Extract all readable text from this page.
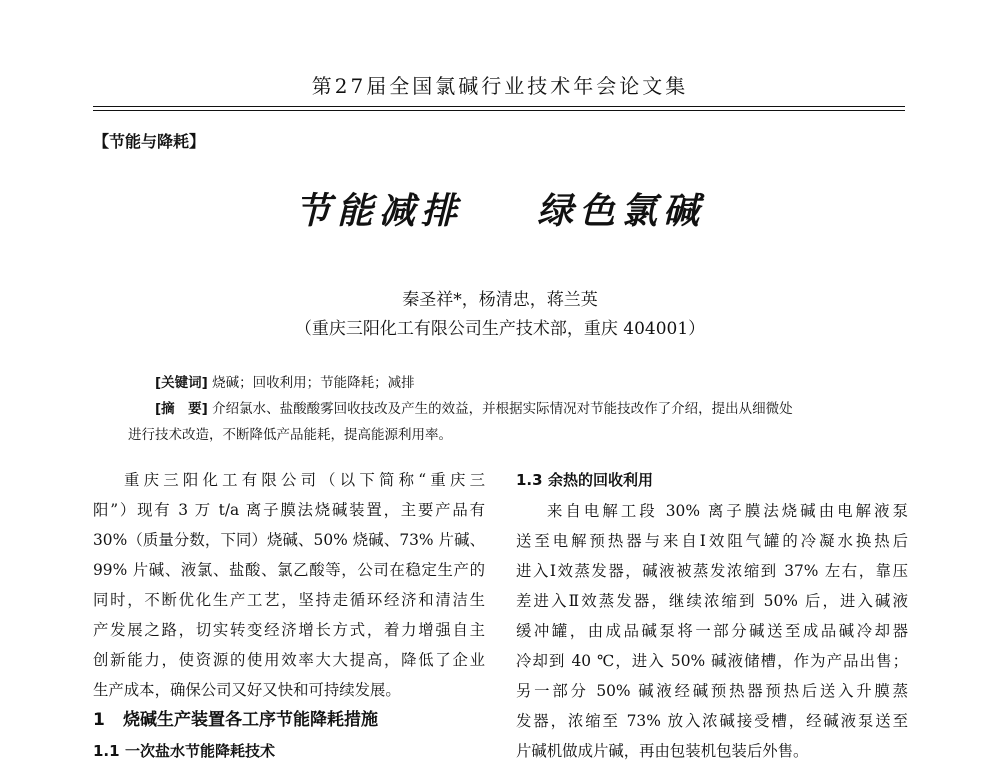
第27届全国氯碱行业技术年会论文集
【节能与降耗】
节能减排    绿色氯碱
秦圣祥*，杨清忠，蒋兰英
（重庆三阳化工有限公司生产技术部，重庆 404001）
[关键词] 烧碱；回收利用；节能降耗；减排
[摘　要] 介绍氯水、盐酸酸雾回收技改及产生的效益，并根据实际情况对节能技改作了介绍，提出从细微处
进行技术改造，不断降低产品能耗，提高能源利用率。
重庆三阳化工有限公司（以下简称“重庆三
阳”）现有 3 万 t/a 离子膜法烧碱装置，主要产品有
30%（质量分数，下同）烧碱、50% 烧碱、73% 片碱、
99% 片碱、液氯、盐酸、氯乙酸等，公司在稳定生产的
同时，不断优化生产工艺，坚持走循环经济和清洁生
产发展之路，切实转变经济增长方式，着力增强自主
创新能力，使资源的使用效率大大提高，降低了企业
生产成本，确保公司又好又快和可持续发展。
1 烧碱生产装置各工序节能降耗措施
1.1 一次盐水节能降耗技术
1.3 余热的回收利用
来自电解工段 30% 离子膜法烧碱由电解液泵
送至电解预热器与来自Ⅰ效阻气罐的冷凝水换热后
进入Ⅰ效蒸发器，碱液被蒸发浓缩到 37% 左右，靠压
差进入Ⅱ效蒸发器，继续浓缩到 50% 后，进入碱液
缓冲罐，由成品碱泵将一部分碱送至成品碱冷却器
冷却到 40 ℃，进入 50% 碱液储槽，作为产品出售；
另一部分 50% 碱液经碱预热器预热后送入升膜蒸
发器，浓缩至 73% 放入浓碱接受槽，经碱液泵送至
片碱机做成片碱，再由包装机包装后外售。
